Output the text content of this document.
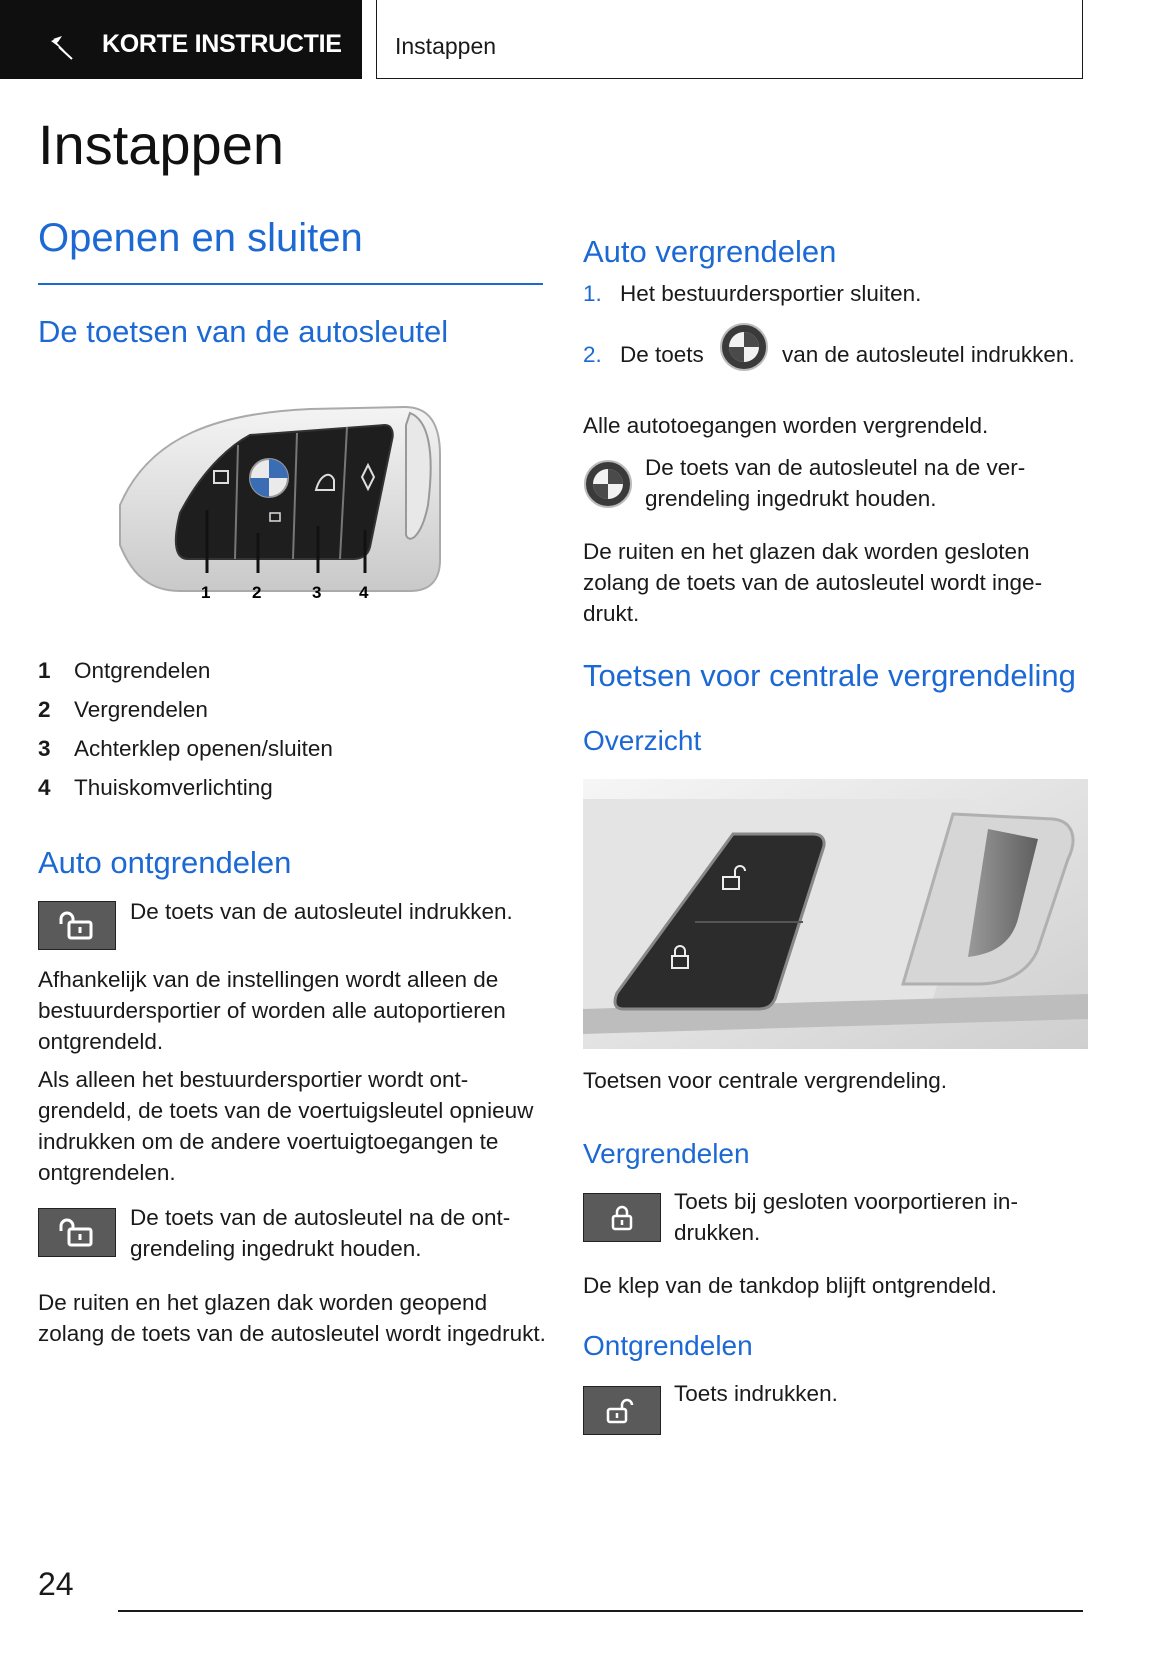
KORTE INSTRUCTIE Instappen
Instappen
Openen en sluiten
De toetsen van de autosleutel
1 2	3 4
1 Ontgrendelen
2 Vergrendelen
3 Achterklep openen/sluiten
4 Thuiskomverlichting
Auto ontgrendelen
De toets van de autosleutel indrukken.
Afhankelijk van de instellingen wordt alleen de bestuurdersportier of worden alle autoportieren ontgrendeld.
Als alleen het bestuurdersportier wordt ontgrendeld, de toets van de voertuigsleutel opnieuw indrukken om de andere voertuigtoegangen te ontgrendelen.
De toets van de autosleutel na de ontgrendeling ingedrukt houden.
De ruiten en het glazen dak worden geopend zolang de toets van de autosleutel wordt ingedrukt.
Auto vergrendelen
1. Het bestuurdersportier sluiten.
2. De toets	van de autosleutel indrukken.
Alle autotoegangen worden vergrendeld.
De toets van de autosleutel na de vergrendeling ingedrukt houden.
De ruiten en het glazen dak worden gesloten zolang de toets van de autosleutel wordt ingedrukt.
Toetsen voor centrale vergrendeling
Overzicht
Toetsen voor centrale vergrendeling.
Vergrendelen
Toets bij gesloten voorportieren indrukken.
De klep van de tankdop blijft ontgrendeld.
Ontgrendelen
Toets indrukken.
24
